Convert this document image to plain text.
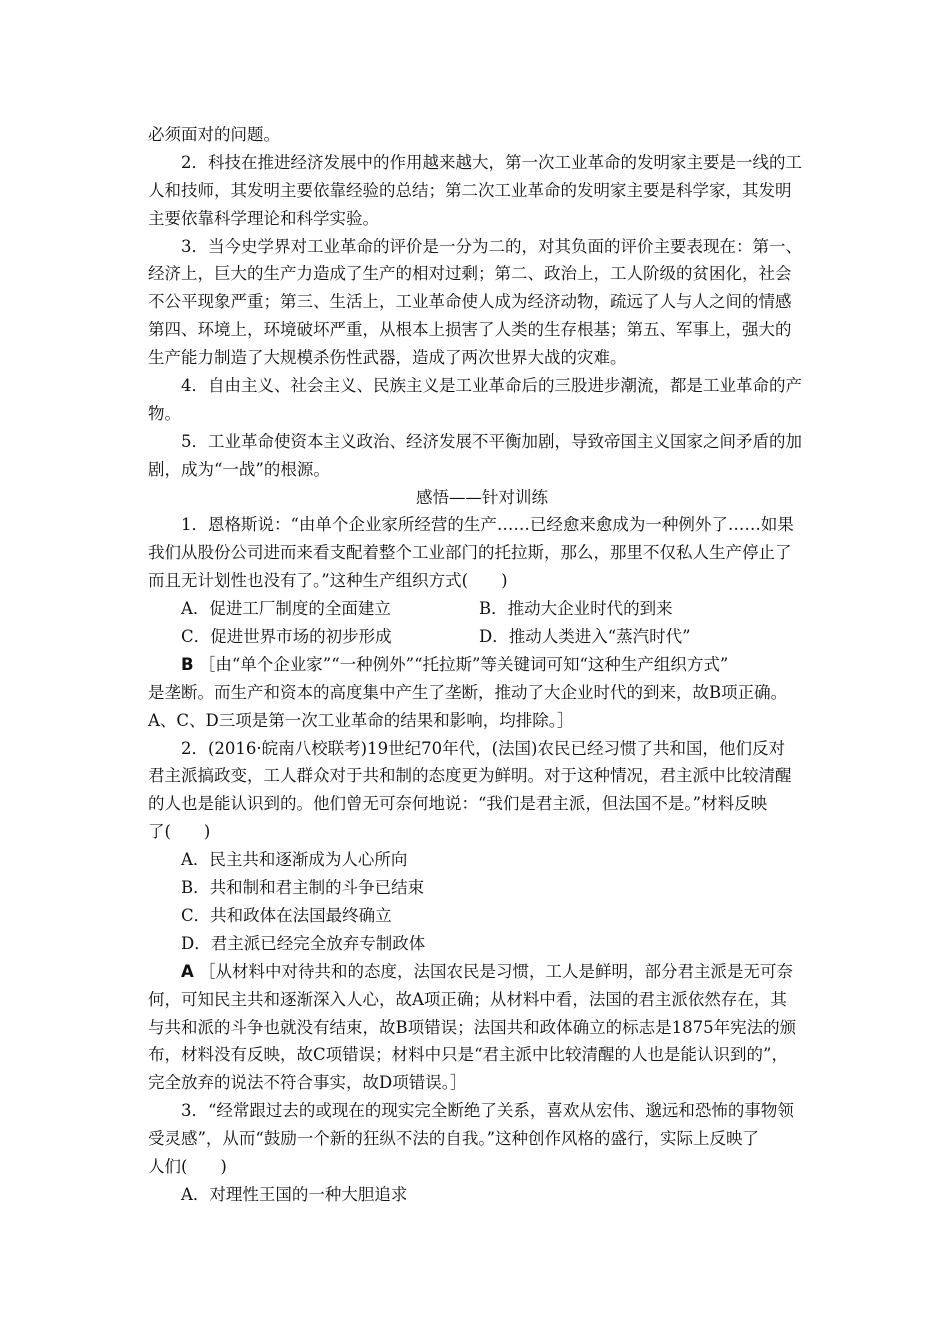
必须面对的问题。
2．科技在推进经济发展中的作用越来越大，第一次工业革命的发明家主要是一线的工
人和技师，其发明主要依靠经验的总结；第二次工业革命的发明家主要是科学家，其发明
主要依靠科学理论和科学实验。
3．当今史学界对工业革命的评价是一分为二的，对其负面的评价主要表现在：第一、
经济上，巨大的生产力造成了生产的相对过剩；第二、政治上，工人阶级的贫困化，社会
不公平现象严重；第三、生活上，工业革命使人成为经济动物，疏远了人与人之间的情感
第四、环境上，环境破坏严重，从根本上损害了人类的生存根基；第五、军事上，强大的
生产能力制造了大规模杀伤性武器，造成了两次世界大战的灾难。
4．自由主义、社会主义、民族主义是工业革命后的三股进步潮流，都是工业革命的产
物。
5．工业革命使资本主义政治、经济发展不平衡加剧，导致帝国主义国家之间矛盾的加
剧，成为“一战”的根源。
感悟——针对训练
1．恩格斯说：“由单个企业家所经营的生产……已经愈来愈成为一种例外了……如果
我们从股份公司进而来看支配着整个工业部门的托拉斯，那么，那里不仅私人生产停止了
而且无计划性也没有了。”这种生产组织方式(　　)
A．促进工厂制度的全面建立	B．推动大企业时代的到来
C．促进世界市场的初步形成	D．推动人类进入“蒸汽时代”
B ［由“单个企业家”“一种例外”“托拉斯”等关键词可知“这种生产组织方式”
是垄断。而生产和资本的高度集中产生了垄断，推动了大企业时代的到来，故B项正确。
A、C、D三项是第一次工业革命的结果和影响，均排除。］
2．(2016·皖南八校联考)19世纪70年代，(法国)农民已经习惯了共和国，他们反对
君主派搞政变，工人群众对于共和制的态度更为鲜明。对于这种情况，君主派中比较清醒
的人也是能认识到的。他们曾无可奈何地说：“我们是君主派，但法国不是。”材料反映
了(　　)
A．民主共和逐渐成为人心所向
B．共和制和君主制的斗争已结束
C．共和政体在法国最终确立
D．君主派已经完全放弃专制政体
A ［从材料中对待共和的态度，法国农民是习惯，工人是鲜明，部分君主派是无可奈
何，可知民主共和逐渐深入人心，故A项正确；从材料中看，法国的君主派依然存在，其
与共和派的斗争也就没有结束，故B项错误；法国共和政体确立的标志是1875年宪法的颁
布，材料没有反映，故C项错误；材料中只是“君主派中比较清醒的人也是能认识到的”，
完全放弃的说法不符合事实，故D项错误。］
3．“经常跟过去的或现在的现实完全断绝了关系，喜欢从宏伟、邈远和恐怖的事物领
受灵感”，从而“鼓励一个新的狂纵不法的自我。”这种创作风格的盛行，实际上反映了
人们(　　)
A．对理性王国的一种大胆追求
